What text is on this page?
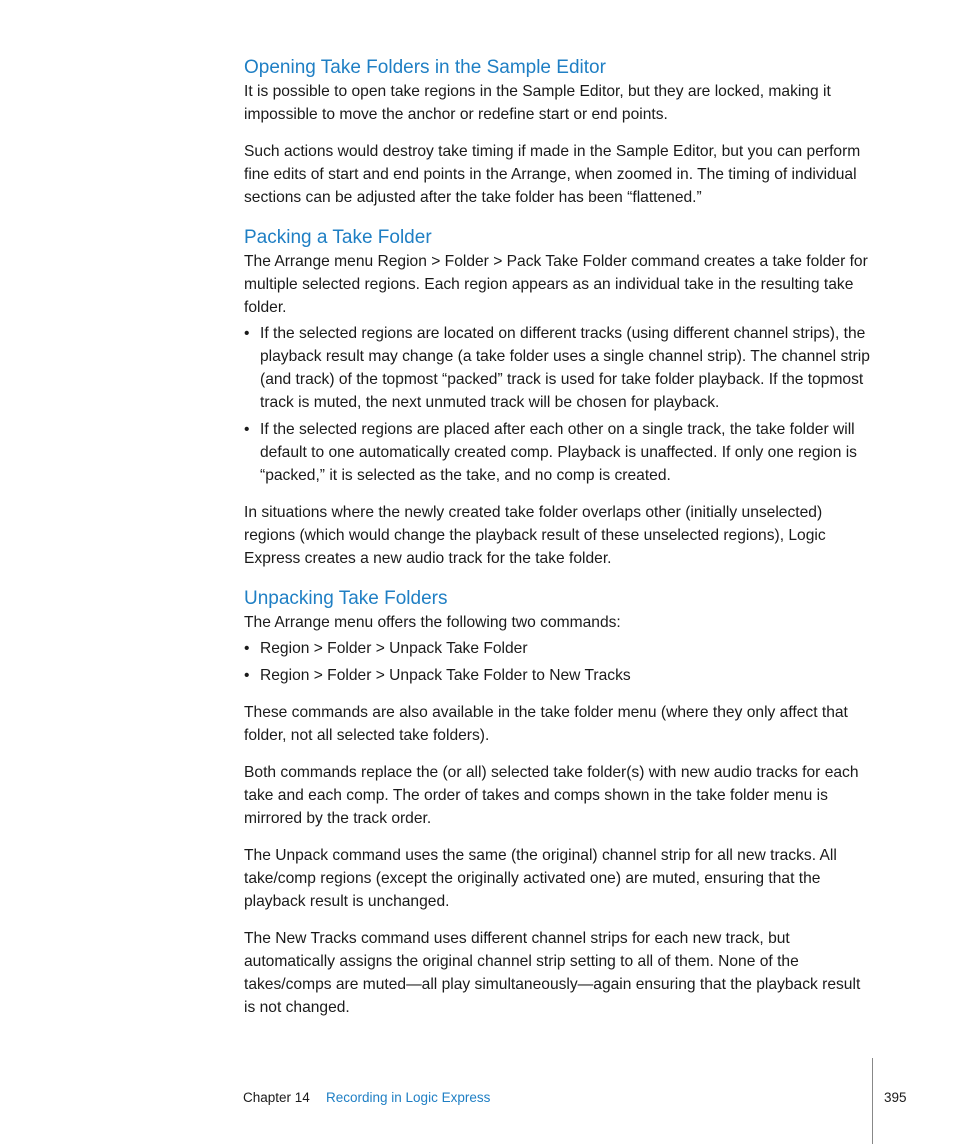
Opening Take Folders in the Sample Editor

It is possible to open take regions in the Sample Editor, but they are locked, making it impossible to move the anchor or redefine start or end points.

Such actions would destroy take timing if made in the Sample Editor, but you can perform fine edits of start and end points in the Arrange, when zoomed in. The timing of individual sections can be adjusted after the take folder has been “flattened.”

Packing a Take Folder

The Arrange menu Region > Folder > Pack Take Folder command creates a take folder for multiple selected regions. Each region appears as an individual take in the resulting take folder.

• If the selected regions are located on different tracks (using different channel strips), the playback result may change (a take folder uses a single channel strip). The channel strip (and track) of the topmost “packed” track is used for take folder playback. If the topmost track is muted, the next unmuted track will be chosen for playback.
• If the selected regions are placed after each other on a single track, the take folder will default to one automatically created comp. Playback is unaffected. If only one region is “packed,” it is selected as the take, and no comp is created.

In situations where the newly created take folder overlaps other (initially unselected) regions (which would change the playback result of these unselected regions), Logic Express creates a new audio track for the take folder.

Unpacking Take Folders

The Arrange menu offers the following two commands:

• Region > Folder > Unpack Take Folder
• Region > Folder > Unpack Take Folder to New Tracks

These commands are also available in the take folder menu (where they only affect that folder, not all selected take folders).

Both commands replace the (or all) selected take folder(s) with new audio tracks for each take and each comp. The order of takes and comps shown in the take folder menu is mirrored by the track order.

The Unpack command uses the same (the original) channel strip for all new tracks. All take/comp regions (except the originally activated one) are muted, ensuring that the playback result is unchanged.

The New Tracks command uses different channel strips for each new track, but automatically assigns the original channel strip setting to all of them. None of the takes/comps are muted—all play simultaneously—again ensuring that the playback result is not changed.

Chapter 14 Recording in Logic Express	395
